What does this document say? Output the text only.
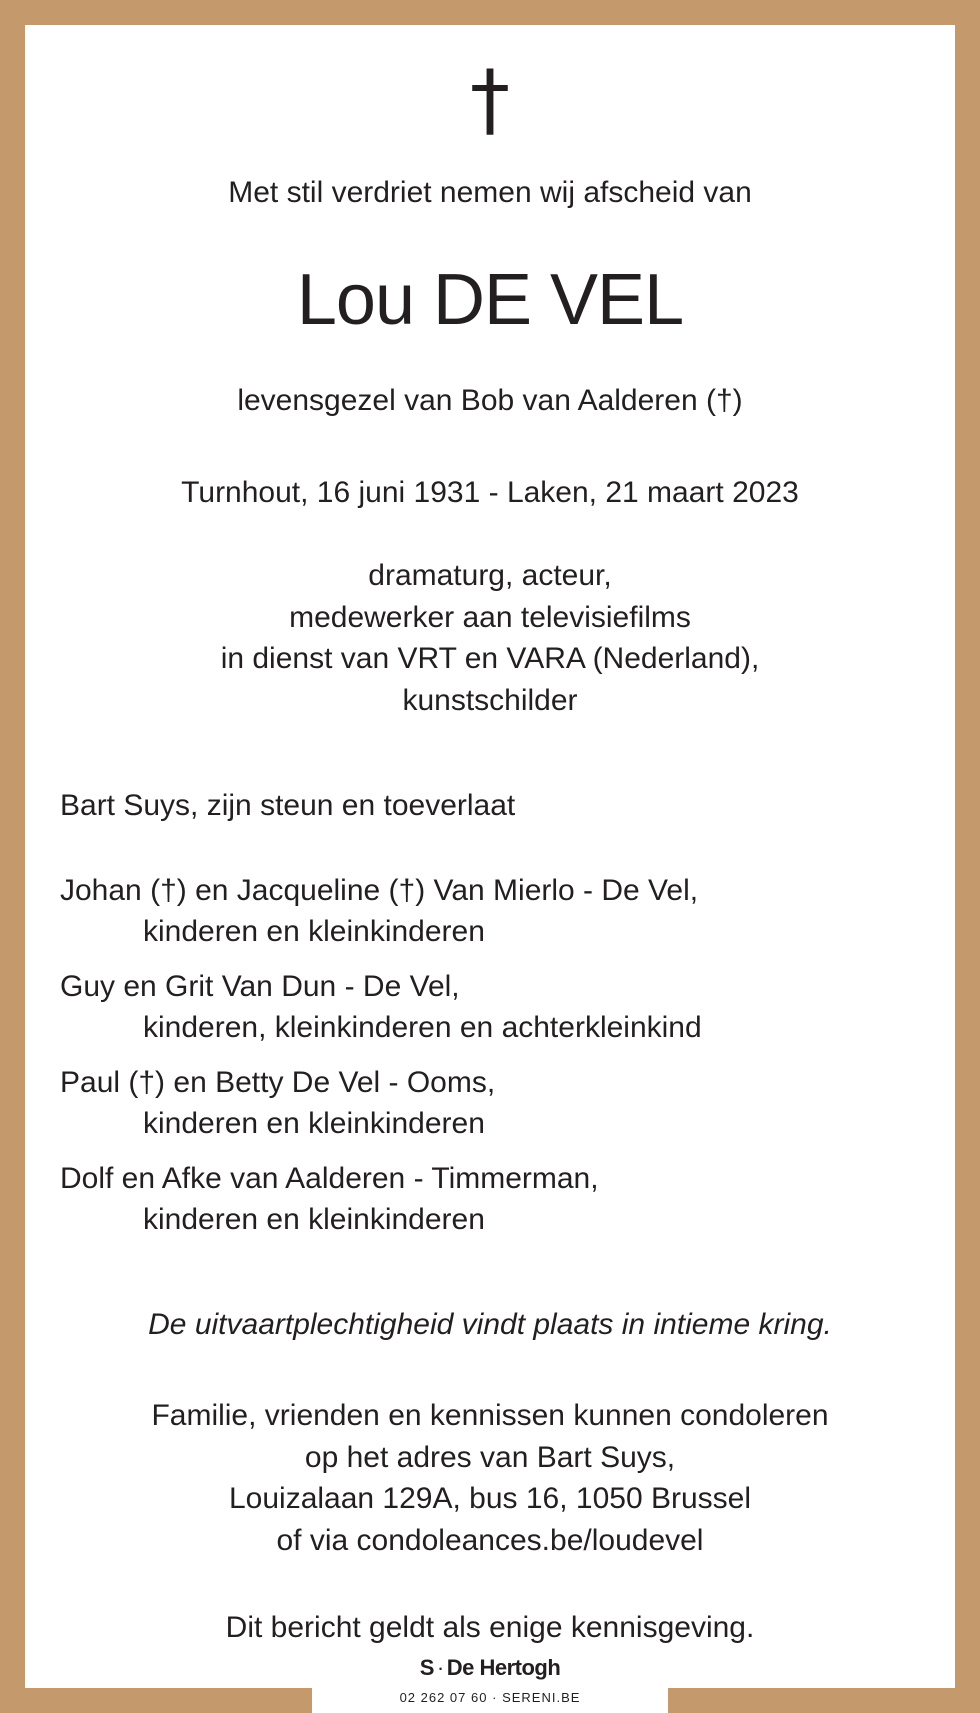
†
Met stil verdriet nemen wij afscheid van
Lou DE VEL
levensgezel van Bob van Aalderen (†)
Turnhout, 16 juni 1931 - Laken, 21 maart 2023
dramaturg, acteur,
medewerker aan televisiefilms
in dienst van VRT en VARA (Nederland),
kunstschilder
Bart Suys, zijn steun en toeverlaat
Johan (†) en Jacqueline (†) Van Mierlo - De Vel,
kinderen en kleinkinderen
Guy en Grit Van Dun - De Vel,
kinderen, kleinkinderen en achterkleinkind
Paul (†) en Betty De Vel - Ooms,
kinderen en kleinkinderen
Dolf en Afke van Aalderen - Timmerman,
kinderen en kleinkinderen
De uitvaartplechtigheid vindt plaats in intieme kring.
Familie, vrienden en kennissen kunnen condoleren
op het adres van Bart Suys,
Louizalaan 129A, bus 16, 1050 Brussel
of via condoleances.be/loudevel
Dit bericht geldt als enige kennisgeving.
S · De Hertogh
02 262 07 60 · SERENI.BE
